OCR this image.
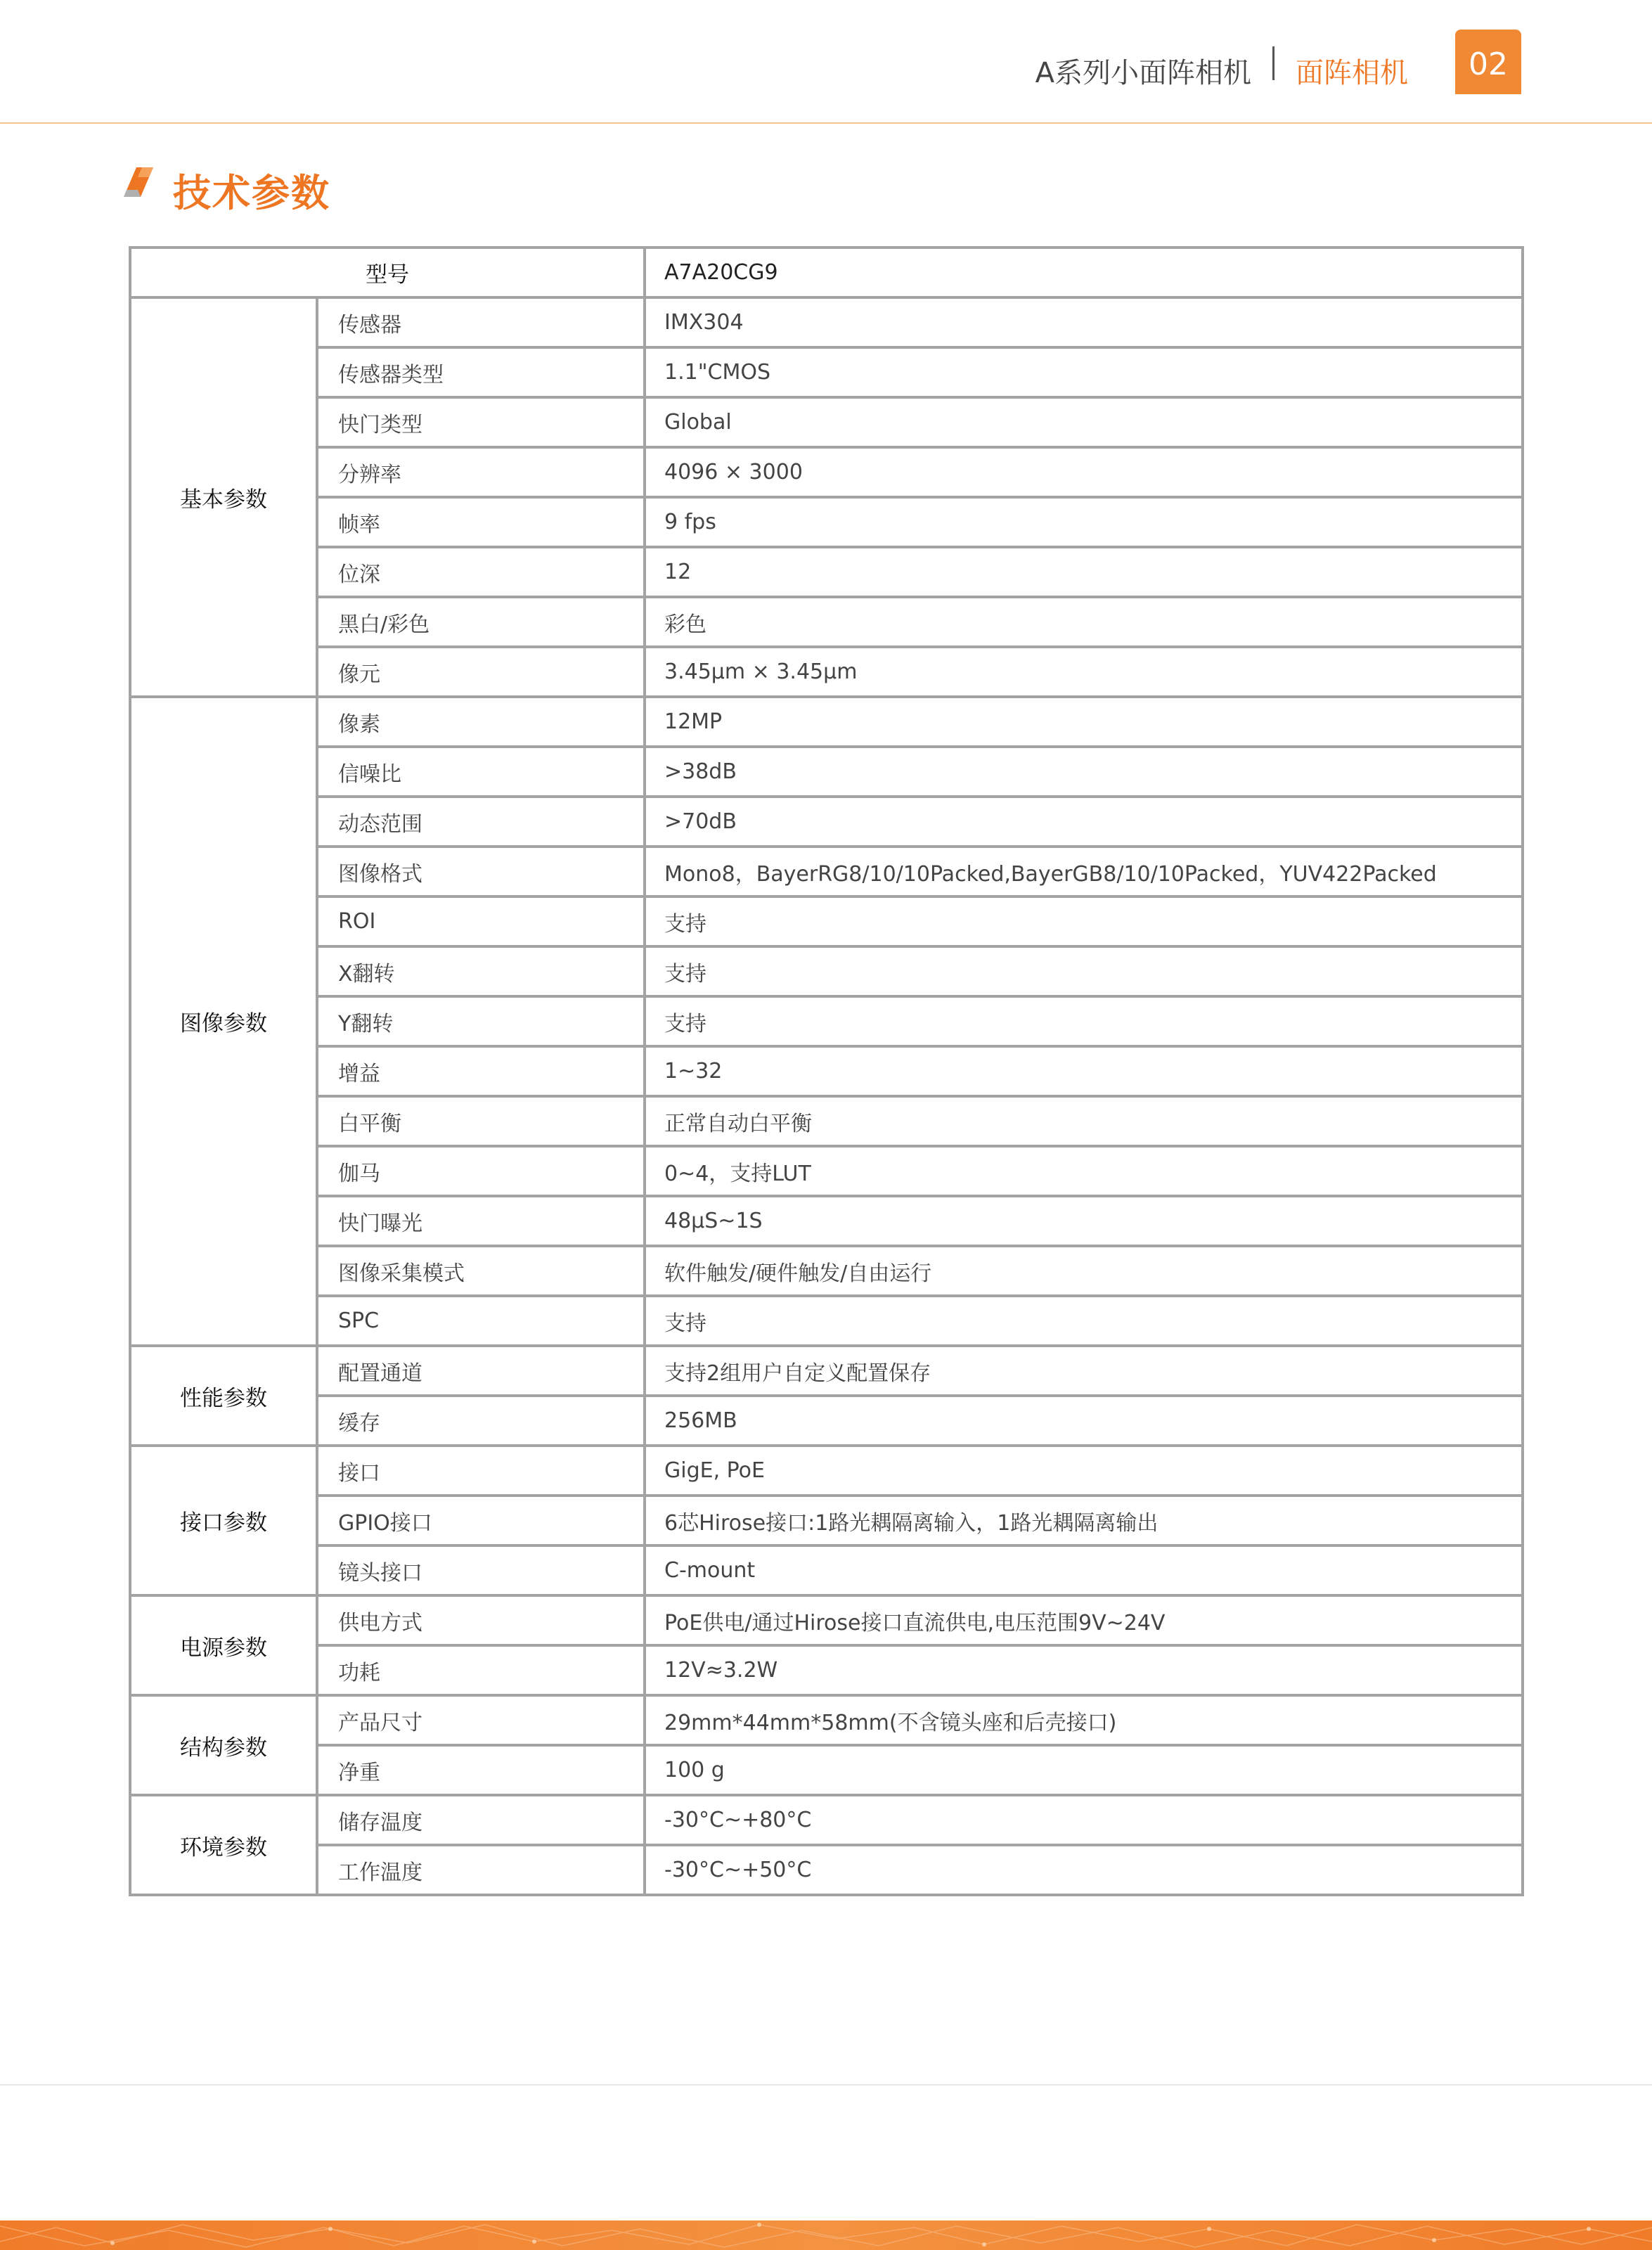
A系列小面阵相机 面阵相机	02
技术参数
型号		A7A20CG9
基本参数	传感器	IMX304
	传感器类型	1.1"CMOS
	快门类型	Global
	分辨率	4096 × 3000
	帧率	9 fps
	位深	12
	黑白/彩色	彩色
	像元	3.45μm × 3.45μm
图像参数	像素	12MP
	信噪比	>38dB
	动态范围	>70dB
	图像格式	Mono8，BayerRG8/10/10Packed,BayerGB8/10/10Packed，YUV422Packed
	ROI	支持
	X翻转	支持
	Y翻转	支持
	增益	1~32
	白平衡	正常自动白平衡
	伽马	0~4，支持LUT
	快门曝光	48μS~1S
	图像采集模式	软件触发/硬件触发/自由运行
	SPC	支持
性能参数	配置通道	支持2组用户自定义配置保存
	缓存	256MB
接口参数	接口	GigE, PoE
	GPIO接口	6芯Hirose接口:1路光耦隔离输入，1路光耦隔离输出
	镜头接口	C-mount
电源参数	供电方式	PoE供电/通过Hirose接口直流供电,电压范围9V~24V
	功耗	12V≈3.2W
结构参数	产品尺寸	29mm*44mm*58mm(不含镜头座和后壳接口)
	净重	100 g
环境参数	储存温度	-30°C~+80°C
	工作温度	-30°C~+50°C
